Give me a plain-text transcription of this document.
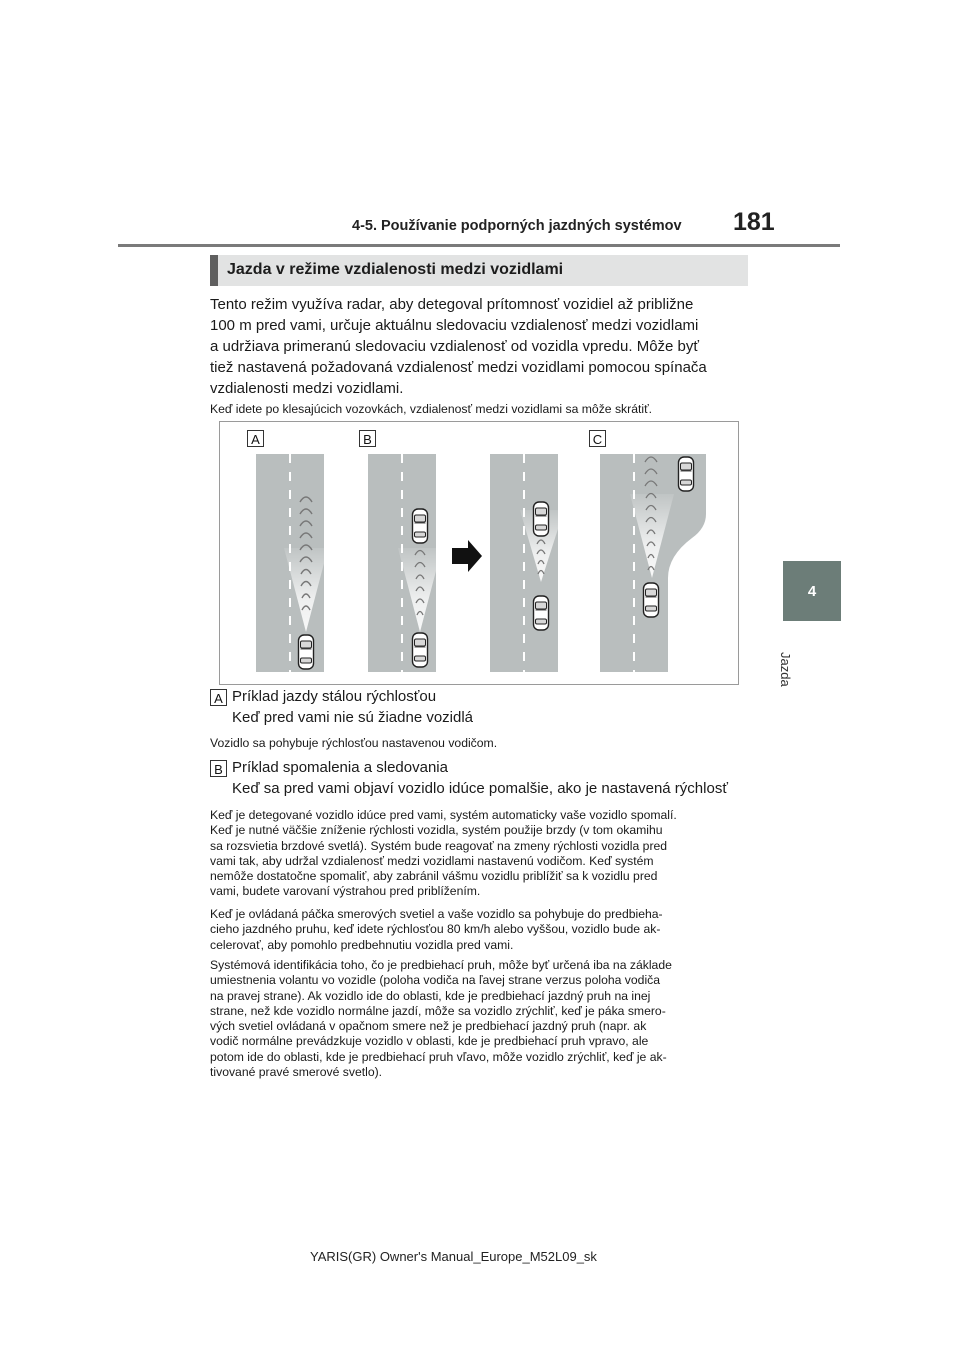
4-5. Používanie podporných jazdných systémov 181
4
Jazda
Jazda v režime vzdialenosti medzi vozidlami
Tento režim využíva radar, aby detegoval prítomnosť vozidiel až približne
100 m pred vami, určuje aktuálnu sledovaciu vzdialenosť medzi vozidlami
a udržiava primeranú sledovaciu vzdialenosť od vozidla vpredu. Môže byť
tiež nastavená požadovaná vzdialenosť medzi vozidlami pomocou spínača
vzdialenosti medzi vozidlami.
Keď idete po klesajúcich vozovkách, vzdialenosť medzi vozidlami sa môže skrátiť.
A	B	C
A Príklad jazdy stálou rýchlosťou
Keď pred vami nie sú žiadne vozidlá
Vozidlo sa pohybuje rýchlosťou nastavenou vodičom.
B Príklad spomalenia a sledovania
Keď sa pred vami objaví vozidlo idúce pomalšie, ako je nastavená rýchlosť
Keď je detegované vozidlo idúce pred vami, systém automaticky vaše vozidlo spomalí.
Keď je nutné väčšie zníženie rýchlosti vozidla, systém použije brzdy (v tom okamihu
sa rozsvietia brzdové svetlá). Systém bude reagovať na zmeny rýchlosti vozidla pred
vami tak, aby udržal vzdialenosť medzi vozidlami nastavenú vodičom. Keď systém
nemôže dostatočne spomaliť, aby zabránil vášmu vozidlu priblížiť sa k vozidlu pred
vami, budete varovaní výstrahou pred priblížením.
Keď je ovládaná páčka smerových svetiel a vaše vozidlo sa pohybuje do predbieha-
cieho jazdného pruhu, keď idete rýchlosťou 80 km/h alebo vyššou, vozidlo bude ak-
celerovať, aby pomohlo predbehnutiu vozidla pred vami.
Systémová identifikácia toho, čo je predbiehací pruh, môže byť určená iba na základe
umiestnenia volantu vo vozidle (poloha vodiča na ľavej strane verzus poloha vodiča
na pravej strane). Ak vozidlo ide do oblasti, kde je predbiehací jazdný pruh na inej
strane, než kde vozidlo normálne jazdí, môže sa vozidlo zrýchliť, keď je páka smero-
vých svetiel ovládaná v opačnom smere než je predbiehací jazdný pruh (napr. ak
vodič normálne prevádzkuje vozidlo v oblasti, kde je predbiehací pruh vpravo, ale
potom ide do oblasti, kde je predbiehací pruh vľavo, môže vozidlo zrýchliť, keď je ak-
tivované pravé smerové svetlo).
YARIS(GR) Owner's Manual_Europe_M52L09_sk
